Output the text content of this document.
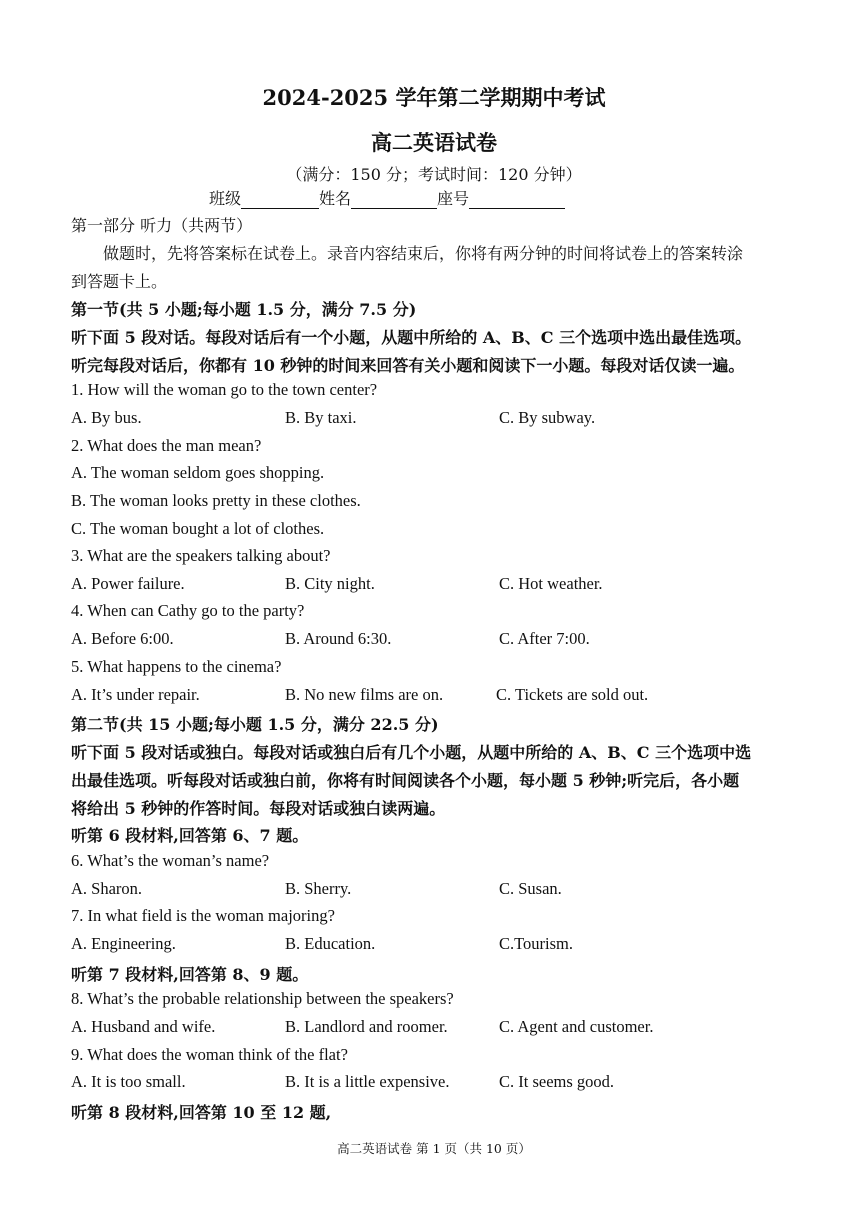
2024-2025 学年第二学期期中考试
高二英语试卷
（满分：150 分；考试时间：120 分钟）
班级	姓名	座号
第一部分 听力（共两节）
做题时，先将答案标在试卷上。录音内容结束后，你将有两分钟的时间将试卷上的答案转涂
到答题卡上。
第一节(共 5 小题;每小题 1.5 分，满分 7.5 分)
听下面 5 段对话。每段对话后有一个小题，从题中所给的 A、B、C 三个选项中选出最佳选项。
听完每段对话后，你都有 10 秒钟的时间来回答有关小题和阅读下一小题。每段对话仅读一遍。
1. How will the woman go to the town center?
A. By bus.	B. By taxi.	C. By subway.
2. What does the man mean?
A. The woman seldom goes shopping.
B. The woman looks pretty in these clothes.
C. The woman bought a lot of clothes.
3. What are the speakers talking about?
A. Power failure.	B. City night.	C. Hot weather.
4. When can Cathy go to the party?
A. Before 6:00.	B. Around 6:30.	C. After 7:00.
5. What happens to the cinema?
A. It’s under repair.	B. No new films are on.	C. Tickets are sold out.
第二节(共 15 小题;每小题 1.5 分，满分 22.5 分)
听下面 5 段对话或独白。每段对话或独白后有几个小题，从题中所给的 A、B、C 三个选项中选
出最佳选项。听每段对话或独白前，你将有时间阅读各个小题，每小题 5 秒钟;听完后，各小题
将给出 5 秒钟的作答时间。每段对话或独白读两遍。
听第 6 段材料,回答第 6、7 题。
6. What’s the woman’s name?
A. Sharon.	B. Sherry.	C. Susan.
7. In what field is the woman majoring?
A. Engineering.	B. Education.	C.Tourism.
听第 7 段材料,回答第 8、9 题。
8. What’s the probable relationship between the speakers?
A. Husband and wife.	B. Landlord and roomer.	C. Agent and customer.
9. What does the woman think of the flat?
A. It is too small.	B. It is a little expensive.	C. It seems good.
听第 8 段材料,回答第 10 至 12 题,
高二英语试卷 第 1 页（共 10 页）
